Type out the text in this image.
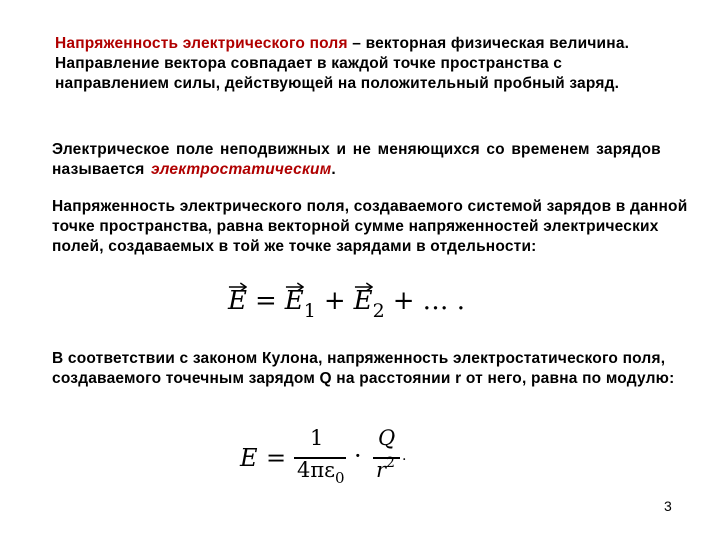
Напряженность электрического поля – векторная физическая величина. Направление вектора совпадает в каждой точке пространства с направлением силы, действующей на положительный пробный заряд.
Электрическое поле неподвижных и не меняющихся со временем зарядов называется электростатическим.
Напряженность электрического поля, создаваемого системой зарядов в данной точке пространства, равна векторной сумме напряженностей электрических полей, создаваемых в той же точке зарядами в отдельности:
$E = E_1 + E_2$ + … .
В соответствии с законом Кулона, напряженность электростатического поля, создаваемого точечным зарядом Q на расстоянии r от него, равна по модулю:
E =
1
$4\pi\varepsilon_0$
·
Q
$r^2$ .
3
